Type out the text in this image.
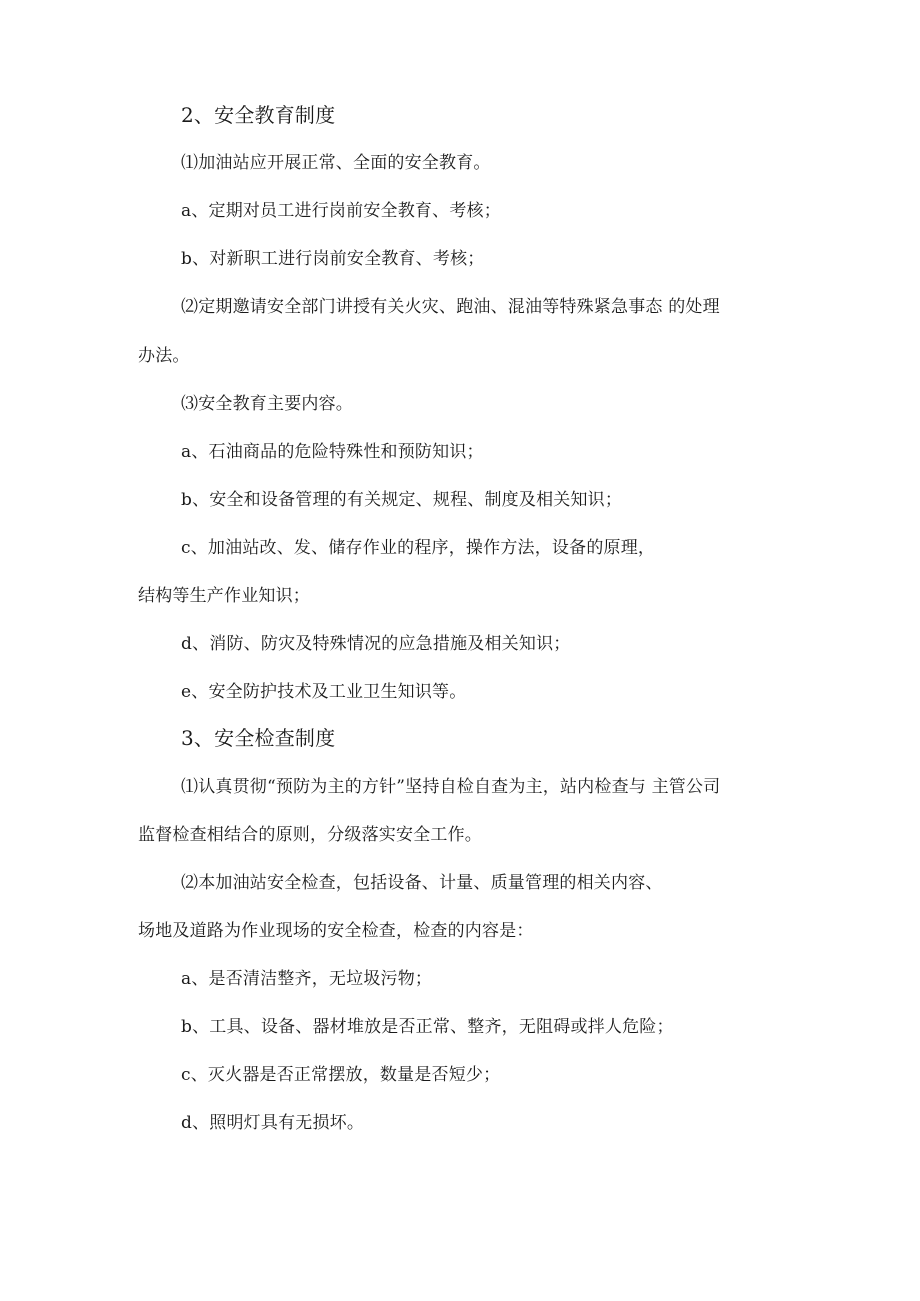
2、安全教育制度
⑴加油站应开展正常、全面的安全教育。
a、定期对员工进行岗前安全教育、考核；
b、对新职工进行岗前安全教育、考核；
⑵定期邀请安全部门讲授有关火灾、跑油、混油等特殊紧急事态 的处理
办法。
⑶安全教育主要内容。
a、石油商品的危险特殊性和预防知识；
b、安全和设备管理的有关规定、规程、制度及相关知识；
c、加油站改、发、储存作业的程序，操作方法，设备的原理，
结构等生产作业知识；
d、消防、防灾及特殊情况的应急措施及相关知识；
e、安全防护技术及工业卫生知识等。
3、安全检查制度
⑴认真贯彻“预防为主的方针”坚持自检自查为主，站内检查与 主管公司
监督检查相结合的原则，分级落实安全工作。
⑵本加油站安全检查，包括设备、计量、质量管理的相关内容、
场地及道路为作业现场的安全检查，检查的内容是：
a、是否清洁整齐，无垃圾污物；
b、工具、设备、器材堆放是否正常、整齐，无阻碍或拌人危险；
c、灭火器是否正常摆放，数量是否短少；
d、照明灯具有无损坏。
